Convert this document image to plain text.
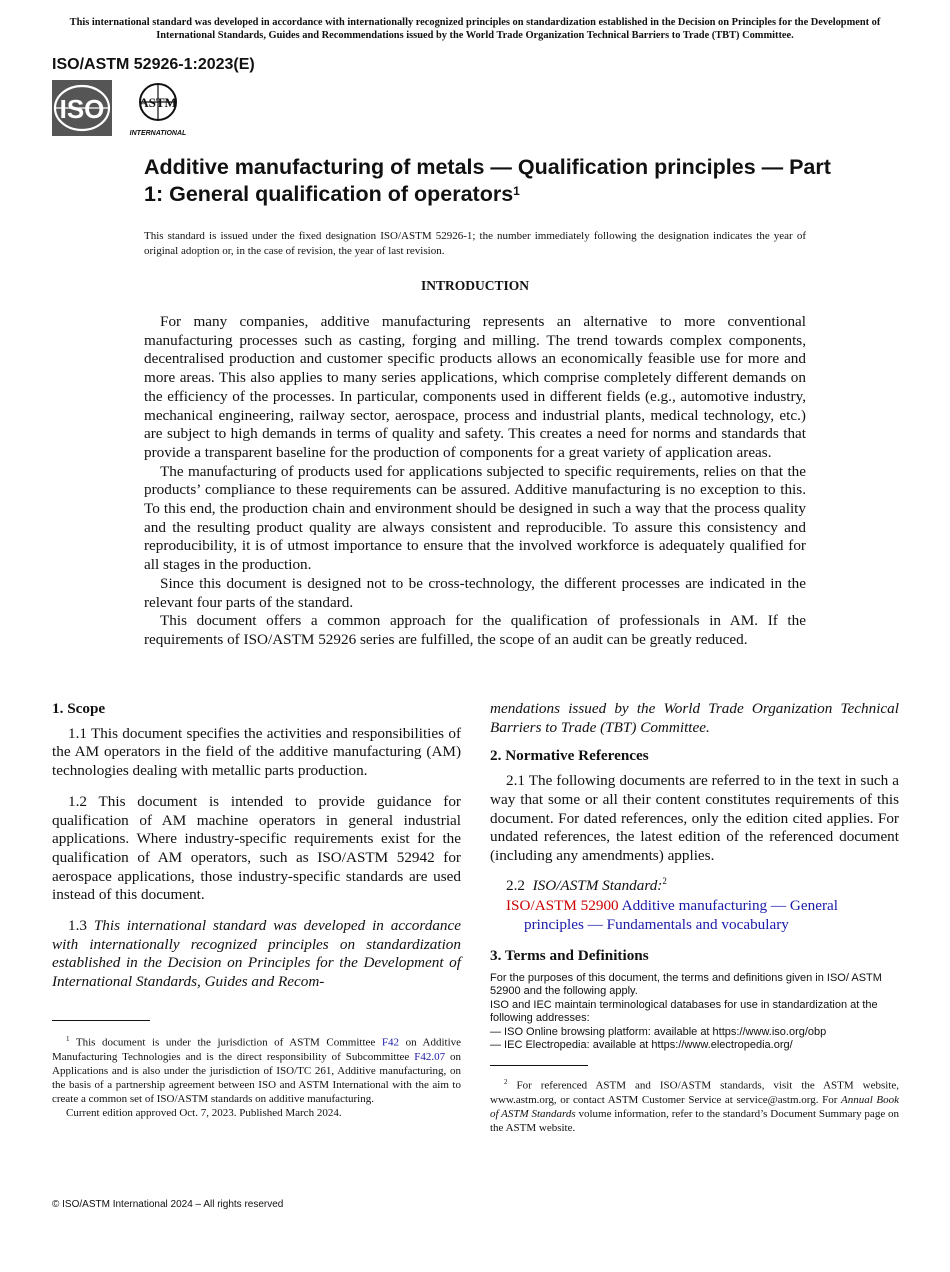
This international standard was developed in accordance with internationally recognized principles on standardization established in the Decision on Principles for the Development of International Standards, Guides and Recommendations issued by the World Trade Organization Technical Barriers to Trade (TBT) Committee.
ISO/ASTM 52926-1:2023(E)
ISO	ASTM
INTERNATIONAL
Additive manufacturing of metals — Qualification principles — Part 1: General qualification of operators$^1$
This standard is issued under the fixed designation ISO/ASTM 52926-1; the number immediately following the designation indicates the year of original adoption or, in the case of revision, the year of last revision.
INTRODUCTION

For many companies, additive manufacturing represents an alternative to more conventional manufacturing processes such as casting, forging and milling. The trend towards complex components, decentralised production and customer specific products allows an economically feasible use for more and more areas. This also applies to many series applications, which comprise completely different demands on the efficiency of the processes. In particular, components used in different fields (e.g., automotive industry, mechanical engineering, railway sector, aerospace, process and industrial plants, medical technology, etc.) are subject to high demands in terms of quality and safety. This creates a need for norms and standards that provide a transparent baseline for the production of components for a great variety of application areas.

The manufacturing of products used for applications subjected to specific requirements, relies on that the products’ compliance to these requirements can be assured. Additive manufacturing is no exception to this. To this end, the production chain and environment should be designed in such a way that the process quality and the resulting product quality are always consistent and reproducible. To assure this consistency and reproducibility, it is of utmost importance to ensure that the involved workforce is adequately qualified for all stages in the production.

Since this document is designed not to be cross-technology, the different processes are indicated in the relevant four parts of the standard.

This document offers a common approach for the qualification of professionals in AM. If the requirements of ISO/ASTM 52926 series are fulfilled, the scope of an audit can be greatly reduced.

1. Scope

1.1 This document specifies the activities and responsibilities of the AM operators in the field of the additive manufacturing (AM) technologies dealing with metallic parts production.

1.2 This document is intended to provide guidance for qualification of AM machine operators in general industrial applications. Where industry-specific requirements exist for the qualification of AM operators, such as ISO/ASTM 52942 for aerospace applications, those industry-specific standards are used instead of this document.

1.3 This international standard was developed in accordance with internationally recognized principles on standardization established in the Decision on Principles for the Development of International Standards, Guides and Recom-

$^1$ This document is under the jurisdiction of ASTM Committee F42 on Additive Manufacturing Technologies and is the direct responsibility of Subcommittee F42.07 on Applications and is also under the jurisdiction of ISO/TC 261, Additive manufacturing, on the basis of a partnership agreement between ISO and ASTM International with the aim to create a common set of ISO/ASTM standards on additive manufacturing.
Current edition approved Oct. 7, 2023. Published March 2024.

mendations issued by the World Trade Organization Technical Barriers to Trade (TBT) Committee.

2. Normative References

2.1 The following documents are referred to in the text in such a way that some or all their content constitutes requirements of this document. For dated references, only the edition cited applies. For undated references, the latest edition of the referenced document (including any amendments) applies.

2.2 ISO/ASTM Standard:$^2$

ISO/ASTM 52900 Additive manufacturing — General principles — Fundamentals and vocabulary

3. Terms and Definitions
For the purposes of this document, the terms and definitions given in ISO/ ASTM 52900 and the following apply.
ISO and IEC maintain terminological databases for use in standardization at the following addresses:
— ISO Online browsing platform: available at https://www.iso.org/obp
— IEC Electropedia: available at https://www.electropedia.org/
$^2$ For referenced ASTM and ISO/ASTM standards, visit the ASTM website, www.astm.org, or contact ASTM Customer Service at service@astm.org. For Annual Book of ASTM Standards volume information, refer to the standard’s Document Summary page on the ASTM website.
© ISO/ASTM International 2024 – All rights reserved
